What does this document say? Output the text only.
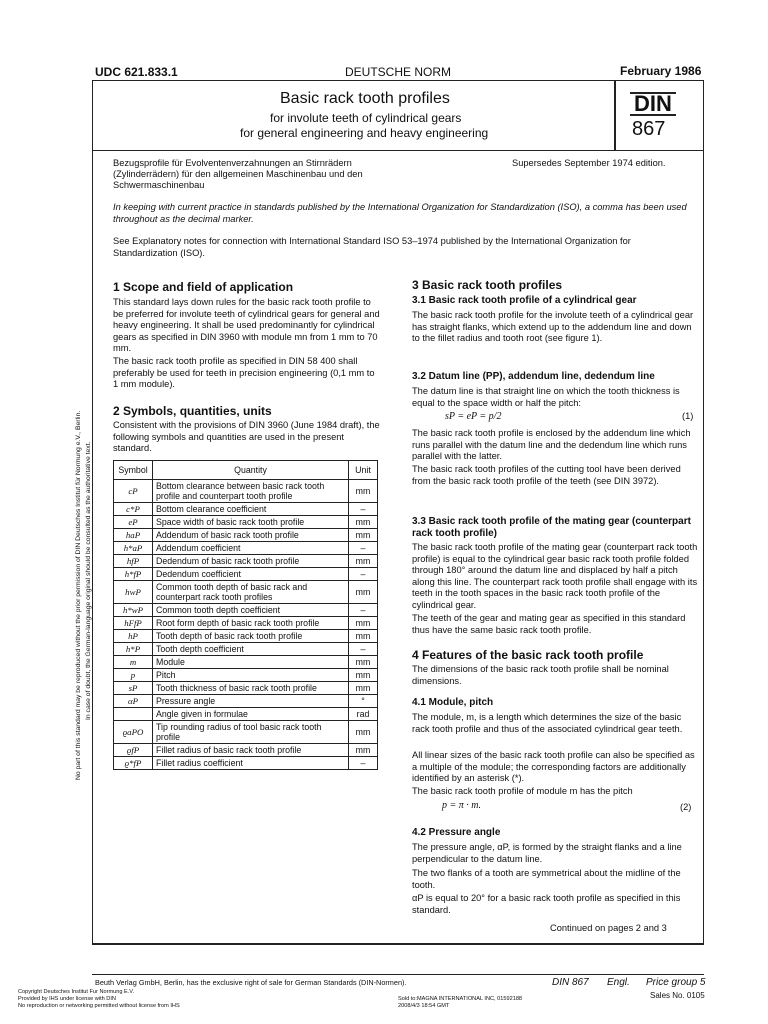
UDC 621.833.1	DEUTSCHE NORM	February 1986
Basic rack tooth profiles
for involute teeth of cylindrical gears
for general engineering and heavy engineering
DIN
867
Bezugsprofile für Evolventenverzahnungen an Stirnrädern (Zylinderrädern) für den allgemeinen Maschinenbau und den Schwermaschinenbau
Supersedes September 1974 edition.
In keeping with current practice in standards published by the International Organization for Standardization (ISO), a comma has been used throughout as the decimal marker.
See Explanatory notes for connection with International Standard ISO 53–1974 published by the International Organization for Standardization (ISO).
1 Scope and field of application
This standard lays down rules for the basic rack tooth profile to be preferred for involute teeth of cylindrical gears for general and heavy engineering. It shall be used predominantly for cylindrical gears as specified in DIN 3960 with module mn from 1 mm to 70 mm.
The basic rack tooth profile as specified in DIN 58 400 shall preferably be used for teeth in precision engineering (0,1 mm to 1 mm module).
2 Symbols, quantities, units
Consistent with the provisions of DIN 3960 (June 1984 draft), the following symbols and quantities are used in the present standard.
Symbol	Quantity	Unit
cP	Bottom clearance between basic rack tooth profile and counterpart tooth profile	mm
c*P	Bottom clearance coefficient	–
eP	Space width of basic rack tooth profile	mm
haP	Addendum of basic rack tooth profile	mm
h*aP	Addendum coefficient	–
hfP	Dedendum of basic rack tooth profile	mm
h*fP	Dedendum coefficient	–
hwP	Common tooth depth of basic rack and counterpart rack tooth profiles	mm
h*wP	Common tooth depth coefficient	–
hFfP	Root form depth of basic rack tooth profile	mm
hP	Tooth depth of basic rack tooth profile	mm
h*P	Tooth depth coefficient	–
m	Module	mm
p	Pitch	mm
sP	Tooth thickness of basic rack tooth profile	mm
αP	Pressure angle	°
	Angle given in formulae	rad
ϱaPO	Tip rounding radius of tool basic rack tooth profile	mm
ϱfP	Fillet radius of basic rack tooth profile	mm
ϱ*fP	Fillet radius coefficient	–
3 Basic rack tooth profiles
3.1 Basic rack tooth profile of a cylindrical gear
The basic rack tooth profile for the involute teeth of a cylindrical gear has straight flanks, which extend up to the addendum line and down to the fillet radius and tooth root (see figure 1).
3.2 Datum line (PP), addendum line, dedendum line
The datum line is that straight line on which the tooth thickness is equal to the space width or half the pitch:
sP = eP = p/2	(1)
The basic rack tooth profile is enclosed by the addendum line which runs parallel with the datum line and the dedendum line which runs parallel with the latter.
The basic rack tooth profiles of the cutting tool have been derived from the basic rack tooth profile of the teeth (see DIN 3972).
3.3 Basic rack tooth profile of the mating gear (counterpart rack tooth profile)
The basic rack tooth profile of the mating gear (counterpart rack tooth profile) is equal to the cylindrical gear basic rack tooth profile folded through 180° around the datum line and displaced by half a pitch along this line. The counterpart rack tooth profile shall engage with its teeth in the tooth spaces in the basic rack tooth profile of the cylindrical gear.
The teeth of the gear and mating gear as specified in this standard thus have the same basic rack tooth profile.
4 Features of the basic rack tooth profile
The dimensions of the basic rack tooth profile shall be nominal dimensions.
4.1 Module, pitch
The module, m, is a length which determines the size of the basic rack tooth profile and thus of the associated cylindrical gear teeth.
All linear sizes of the basic rack tooth profile can also be specified as a multiple of the module; the corresponding factors are additionally identified by an asterisk (*).
The basic rack tooth profile of module m has the pitch
p = π · m.	(2)
4.2 Pressure angle
The pressure angle, αP, is formed by the straight flanks and a line perpendicular to the datum line.
The two flanks of a tooth are symmetrical about the midline of the tooth.
αP is equal to 20° for a basic rack tooth profile as specified in this standard.
Continued on pages 2 and 3
No part of this standard may be reproduced without the prior permission of DIN Deutsches Institut für Normung e.V., Berlin. In case of doubt, the German-language original should be consulted as the authoritative text.
Beuth Verlag GmbH, Berlin, has the exclusive right of sale for German Standards (DIN-Normen).	DIN 867 Engl. Price group 5
Sales No. 0105
Copyright Deutsches Institut Fur Normung E.V.
Provided by IHS under license with DIN
No reproduction or networking permitted without license from IHS
Sold to:MAGNA INTERNATIONAL INC, 01592188
2008/4/3 18:54 GMT
